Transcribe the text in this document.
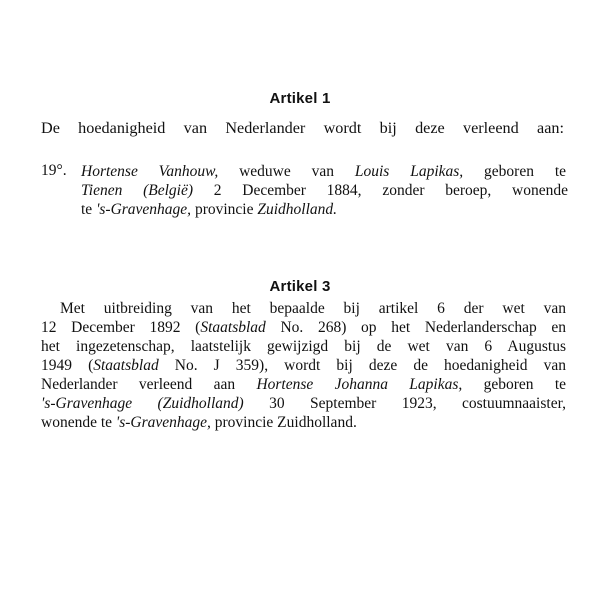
Artikel 1
De hoedanigheid van Nederlander wordt bij deze verleend aan:
19°. Hortense Vanhouw, weduwe van Louis Lapikas, geboren te
Tienen (België) 2 December 1884, zonder beroep, wonende
te 's-Gravenhage, provincie Zuidholland.
Artikel 3
Met uitbreiding van het bepaalde bij artikel 6 der wet van
12 December 1892 (Staatsblad No. 268) op het Nederlanderschap en
het ingezetenschap, laatstelijk gewijzigd bij de wet van 6 Augustus
1949 (Staatsblad No. J 359), wordt bij deze de hoedanigheid van
Nederlander verleend aan Hortense Johanna Lapikas, geboren te
's-Gravenhage (Zuidholland) 30 September 1923, costuumnaaister,
wonende te 's-Gravenhage, provincie Zuidholland.
